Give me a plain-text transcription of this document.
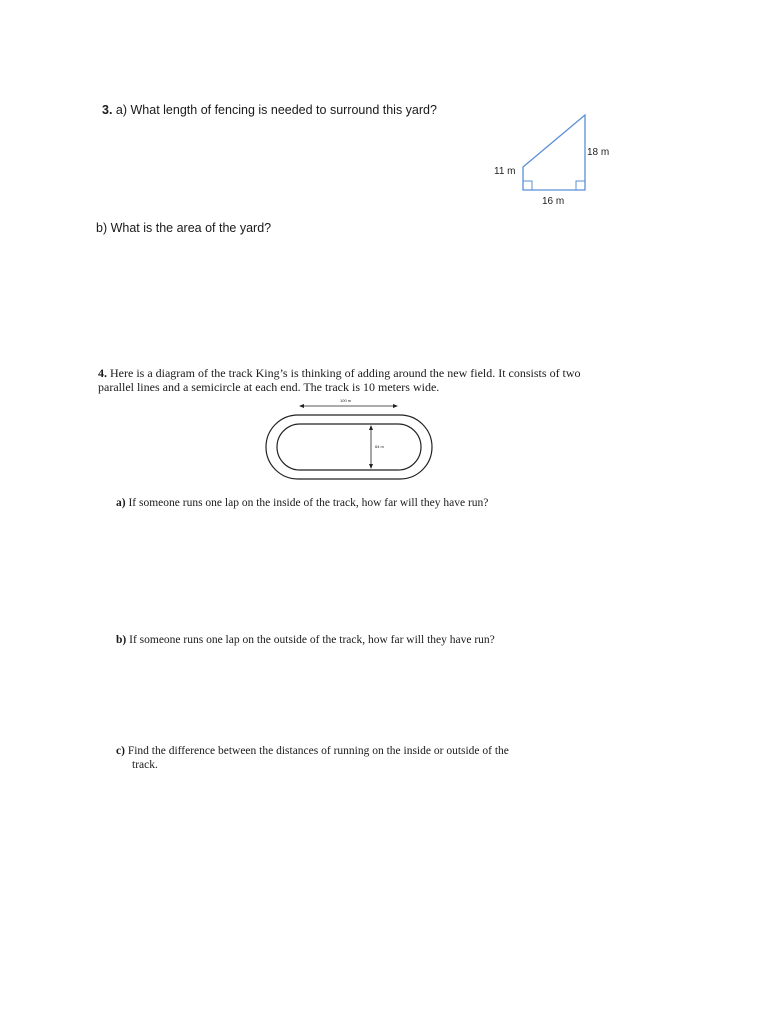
3. a) What length of fencing is needed to surround this yard?
11 m
18 m
16 m
b) What is the area of the yard?
4. Here is a diagram of the track King’s is thinking of adding around the new field. It consists of two parallel lines and a semicircle at each end. The track is 10 meters wide.
100 m
64 m
a) If someone runs one lap on the inside of the track, how far will they have run?
b) If someone runs one lap on the outside of the track, how far will they have run?
c) Find the difference between the distances of running on the inside or outside of the
track.
